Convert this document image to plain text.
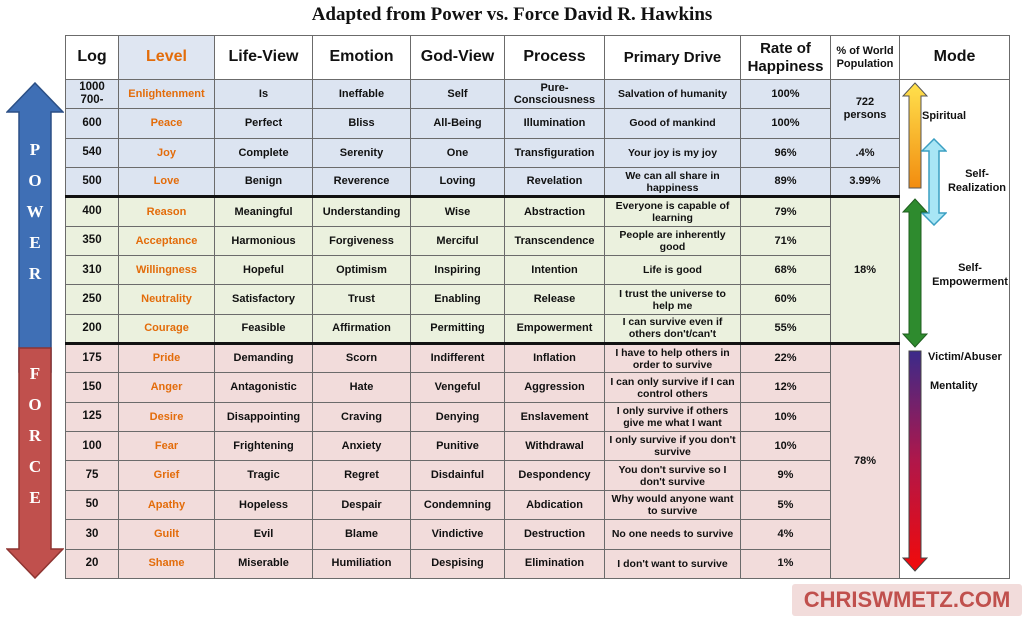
Adapted from Power vs. Force David R. Hawkins
P
O
W
E
R
F
O
R
C
E
Log	Level	Life-View	Emotion	God-View	Process	Primary Drive	Rate of Happiness	% of World Population	Mode
1000 700-	Enlightenment	Is	Ineffable	Self	Pure-Consciousness	Salvation of humanity	100%	722 persons	Spiritual
Self-Realization
Self-Empowerment
Victim/Abuser
Mentality

600	Peace	Perfect	Bliss	All-Being	Illumination	Good of mankind	100%		
540	Joy	Complete	Serenity	One	Transfiguration	Your joy is my joy	96%	.4%	
500	Love	Benign	Reverence	Loving	Revelation	We can all share in happiness	89%	3.99%	
400	Reason	Meaningful	Understanding	Wise	Abstraction	Everyone is capable of learning	79%	18%	
350	Acceptance	Harmonious	Forgiveness	Merciful	Transcendence	People are inherently good	71%		
310	Willingness	Hopeful	Optimism	Inspiring	Intention	Life is good	68%		
250	Neutrality	Satisfactory	Trust	Enabling	Release	I trust the universe to help me	60%		
200	Courage	Feasible	Affirmation	Permitting	Empowerment	I can survive even if others don't/can't	55%		
175	Pride	Demanding	Scorn	Indifferent	Inflation	I have to help others in order to survive	22%	78%	
150	Anger	Antagonistic	Hate	Vengeful	Aggression	I can only survive if I can control others	12%		
125	Desire	Disappointing	Craving	Denying	Enslavement	I only survive if others give me what I want	10%		
100	Fear	Frightening	Anxiety	Punitive	Withdrawal	I only survive if you don't survive	10%		
75	Grief	Tragic	Regret	Disdainful	Despondency	You don't survive so I don't survive	9%		
50	Apathy	Hopeless	Despair	Condemning	Abdication	Why would anyone want to survive	5%		
30	Guilt	Evil	Blame	Vindictive	Destruction	No one needs to survive	4%		
20	Shame	Miserable	Humiliation	Despising	Elimination	I don't want to survive	1%		
CHRISWMETZ.COM
